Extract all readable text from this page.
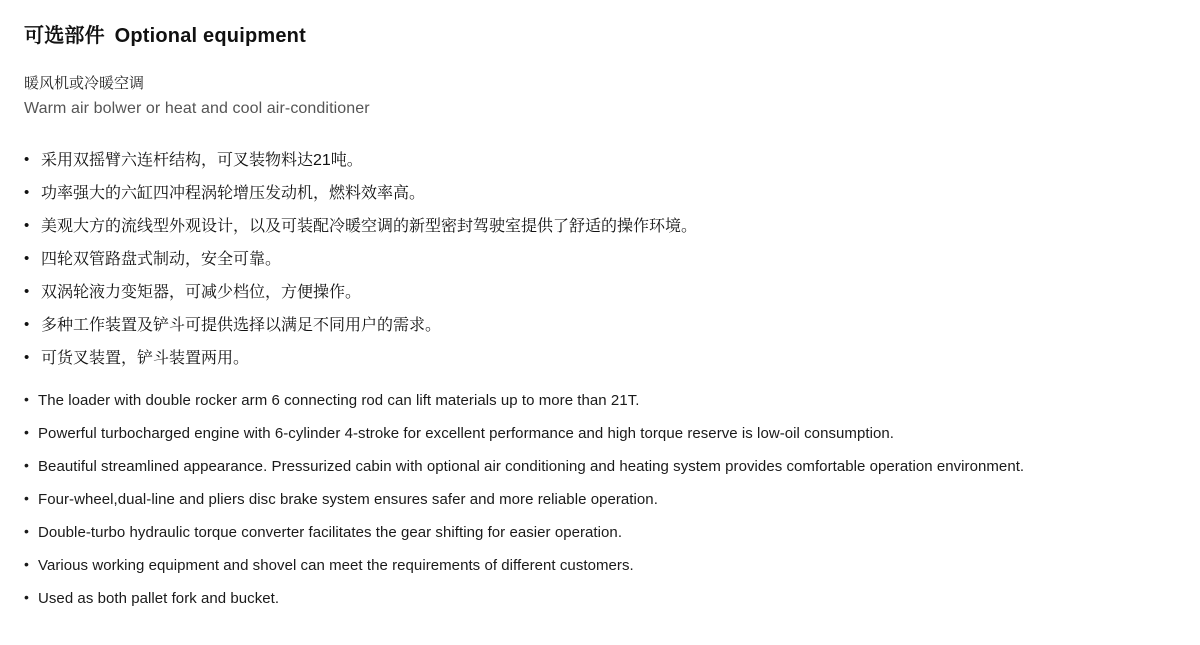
可选部件 Optional equipment
暖风机或冷暖空调
Warm air bolwer or heat and cool air-conditioner
• 采用双摇臂六连杆结构，可叉装物料达21吨。
• 功率强大的六缸四冲程涡轮增压发动机，燃料效率高。
• 美观大方的流线型外观设计，以及可装配冷暖空调的新型密封驾驶室提供了舒适的操作环境。
• 四轮双管路盘式制动，安全可靠。
• 双涡轮液力变矩器，可减少档位，方便操作。
• 多种工作装置及铲斗可提供选择以满足不同用户的需求。
• 可货叉装置，铲斗装置两用。
• The loader with double rocker arm 6 connecting rod can lift materials up to more than 21T.
• Powerful turbocharged engine with 6-cylinder 4-stroke for excellent performance and high torque reserve is low-oil consumption.
• Beautiful streamlined appearance. Pressurized cabin with optional air conditioning and heating system provides comfortable operation environment.
• Four-wheel,dual-line and pliers disc brake system ensures safer and more reliable operation.
• Double-turbo hydraulic torque converter facilitates the gear shifting for easier operation.
• Various working equipment and shovel can meet the requirements of different customers.
• Used as both pallet fork and bucket.
